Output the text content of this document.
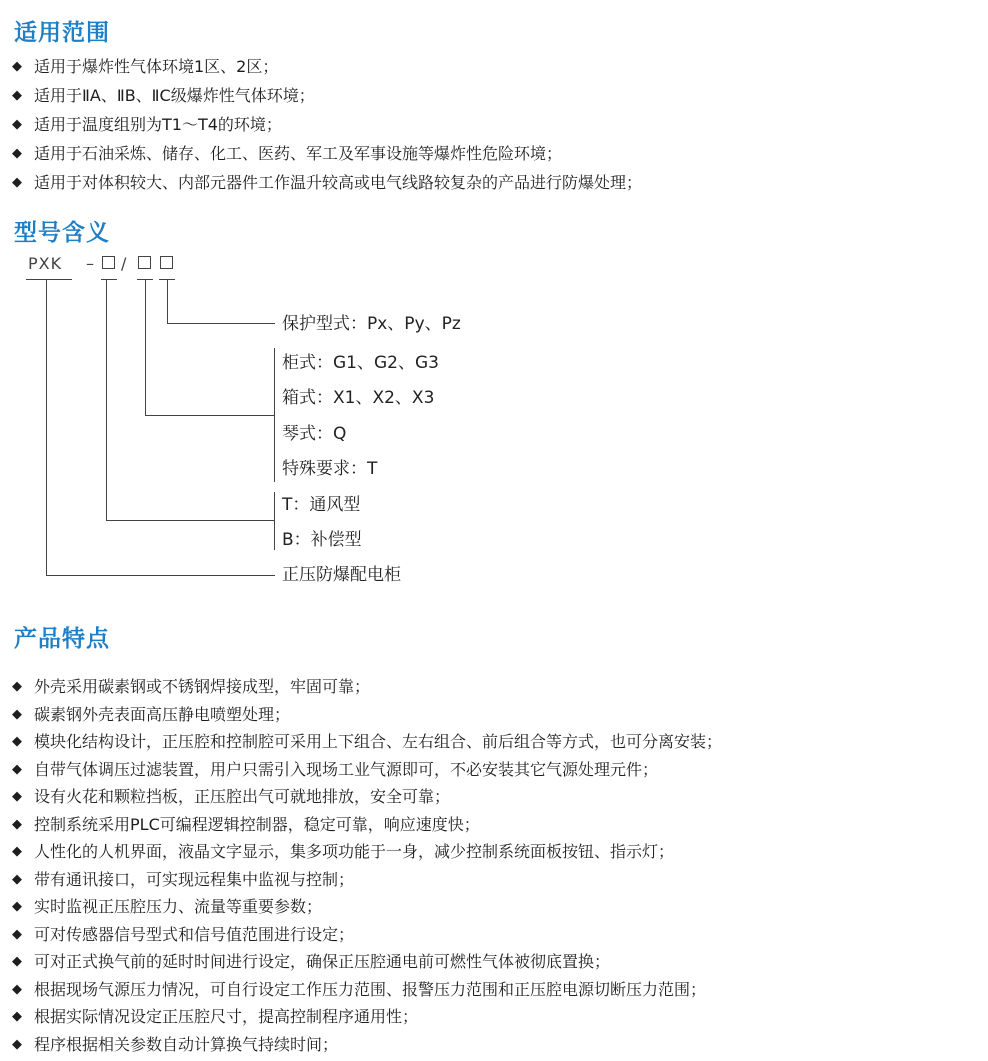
适用范围
◆ 适用于爆炸性气体环境1区、2区；
◆ 适用于ⅡA、ⅡB、ⅡC级爆炸性气体环境；
◆ 适用于温度组别为T1～T4的环境；
◆ 适用于石油采炼、储存、化工、医药、军工及军事设施等爆炸性危险环境；
◆ 适用于对体积较大、内部元器件工作温升较高或电气线路较复杂的产品进行防爆处理；
型号含义
PXK – /
保护型式：Px、Py、Pz
柜式：G1、G2、G3
箱式：X1、X2、X3
琴式：Q
特殊要求：T
T：通风型
B：补偿型
正压防爆配电柜
产品特点
◆ 外壳采用碳素钢或不锈钢焊接成型，牢固可靠；
◆ 碳素钢外壳表面高压静电喷塑处理；
◆ 模块化结构设计，正压腔和控制腔可采用上下组合、左右组合、前后组合等方式，也可分离安装；
◆ 自带气体调压过滤装置，用户只需引入现场工业气源即可，不必安装其它气源处理元件；
◆ 设有火花和颗粒挡板，正压腔出气可就地排放，安全可靠；
◆ 控制系统采用PLC可编程逻辑控制器，稳定可靠，响应速度快；
◆ 人性化的人机界面，液晶文字显示，集多项功能于一身，减少控制系统面板按钮、指示灯；
◆ 带有通讯接口，可实现远程集中监视与控制；
◆ 实时监视正压腔压力、流量等重要参数；
◆ 可对传感器信号型式和信号值范围进行设定；
◆ 可对正式换气前的延时时间进行设定，确保正压腔通电前可燃性气体被彻底置换；
◆ 根据现场气源压力情况，可自行设定工作压力范围、报警压力范围和正压腔电源切断压力范围；
◆ 根据实际情况设定正压腔尺寸，提高控制程序通用性；
◆ 程序根据相关参数自动计算换气持续时间；
